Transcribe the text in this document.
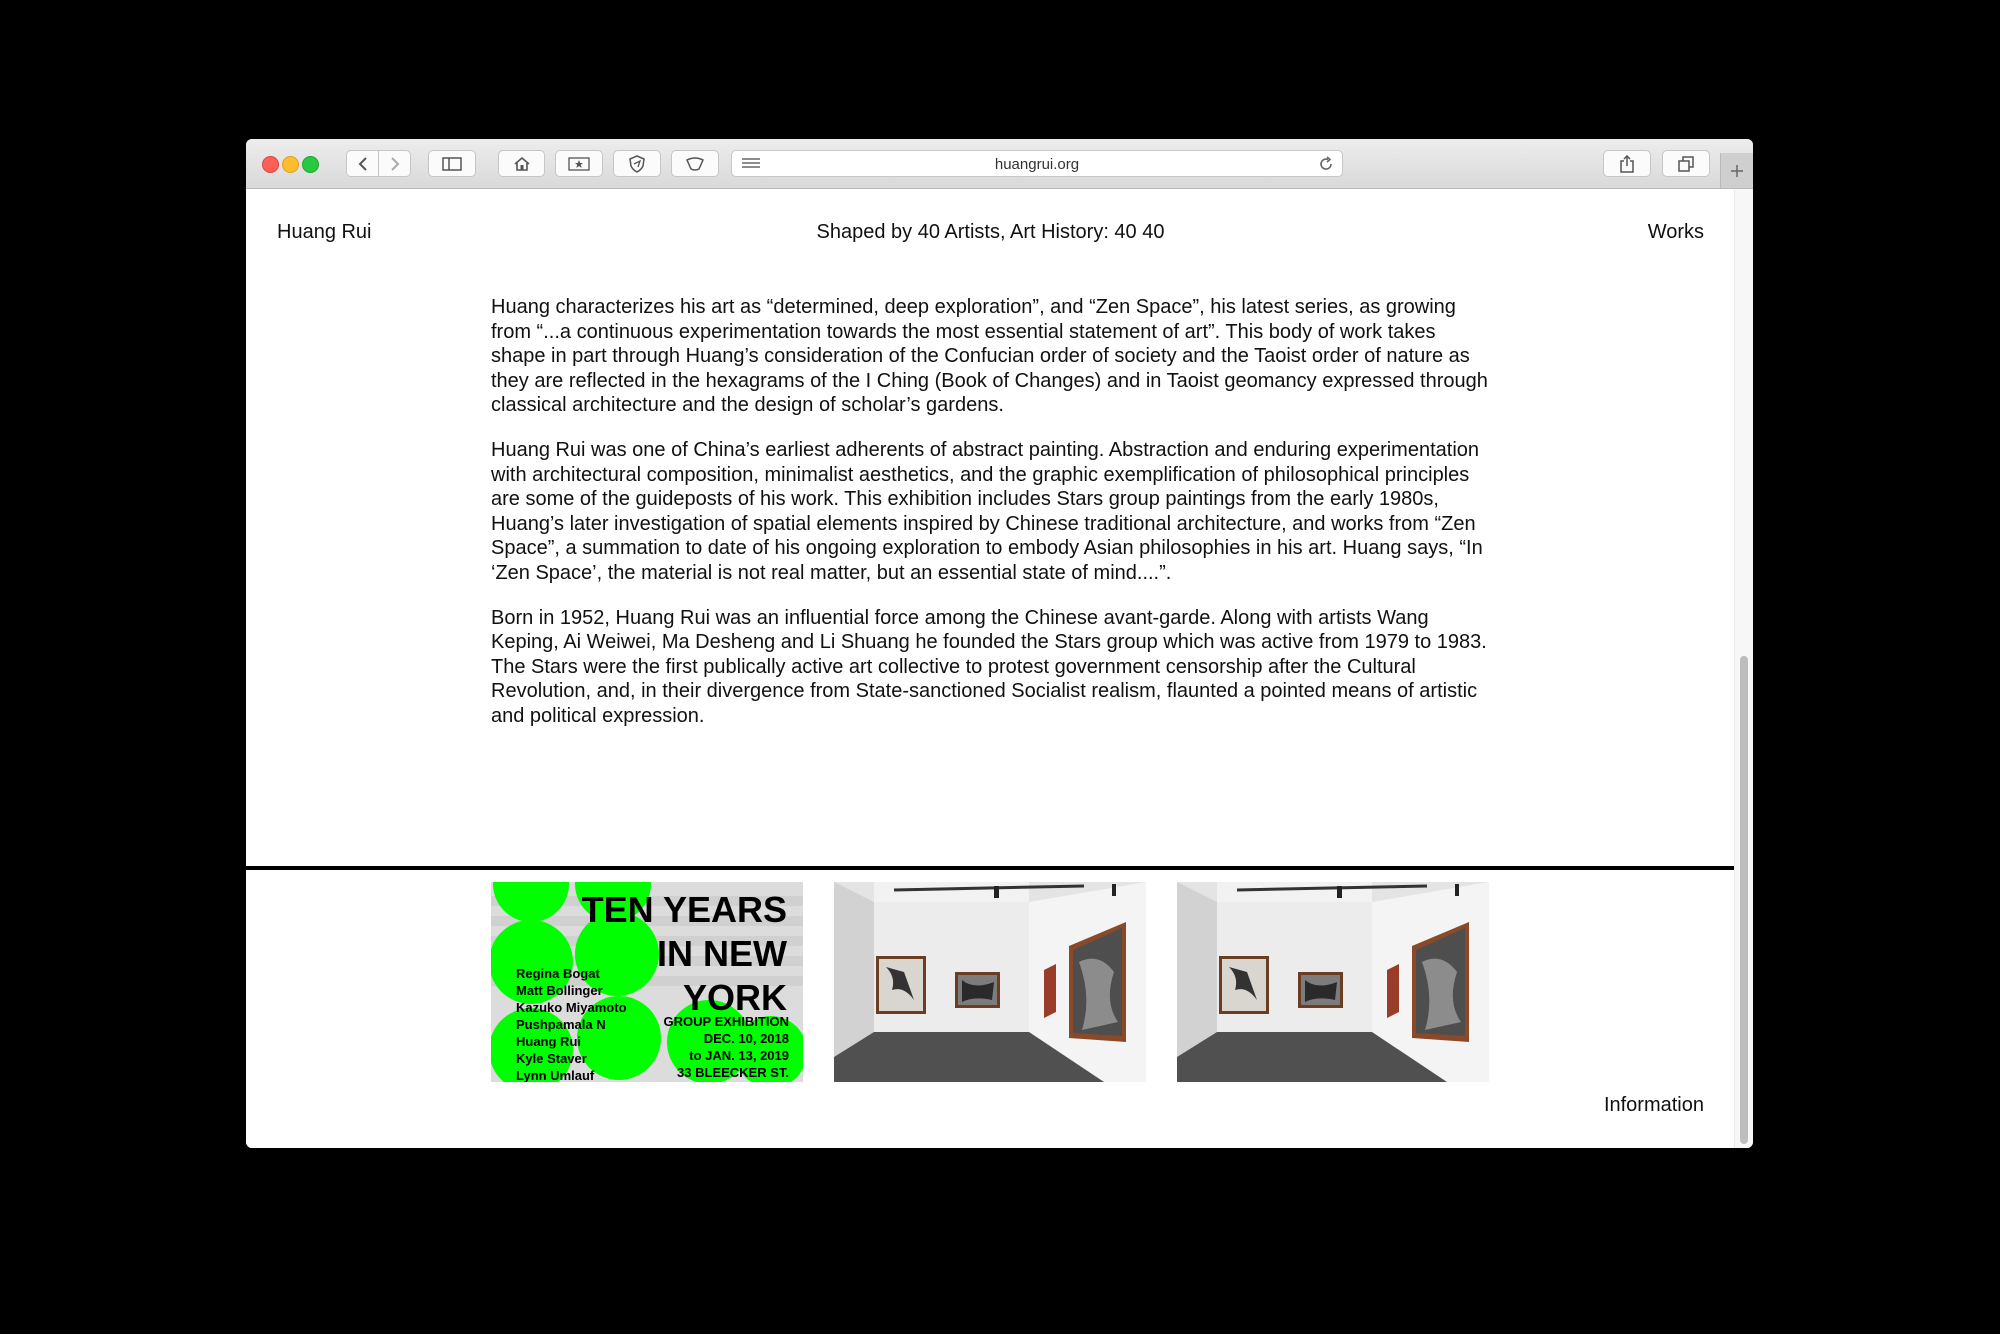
huangrui.org
Huang Rui	Shaped by 40 Artists, Art History: 40 40	Works

Huang characterizes his art as “determined, deep exploration”, and “Zen Space”, his latest series, as growing from “...a continuous experimentation towards the most essential statement of art”. This body of work takes shape in part through Huang’s consideration of the Confucian order of society and the Taoist order of nature as they are reflected in the hexagrams of the I Ching (Book of Changes) and in Taoist geomancy expressed through classical architecture and the design of scholar’s gardens.

Huang Rui was one of China’s earliest adherents of abstract painting. Abstraction and enduring experimentation with architectural composition, minimalist aesthetics, and the graphic exemplification of philosophical principles are some of the guideposts of his work. This exhibition includes Stars group paintings from the early 1980s, Huang’s later investigation of spatial elements inspired by Chinese traditional architecture, and works from “Zen Space”, a summation to date of his ongoing exploration to embody Asian philosophies in his art. Huang says, “In ‘Zen Space’, the material is not real matter, but an essential state of mind....”.

Born in 1952, Huang Rui was an influential force among the Chinese avant-garde. Along with artists Wang Keping, Ai Weiwei, Ma Desheng and Li Shuang he founded the Stars group which was active from 1979 to 1983. The Stars were the first publically active art collective to protest government censorship after the Cultural Revolution, and, in their divergence from State-sanctioned Socialist realism, flaunted a pointed means of artistic and political expression.

TEN YEARS
IN NEW
YORK
Regina Bogat
Matt Bollinger
Kazuko Miyamoto
Pushpamala N
Huang Rui
Kyle Staver
Lynn Umlauf
GROUP EXHIBITION
DEC. 10, 2018
to JAN. 13, 2019
33 BLEECKER ST.
Information
